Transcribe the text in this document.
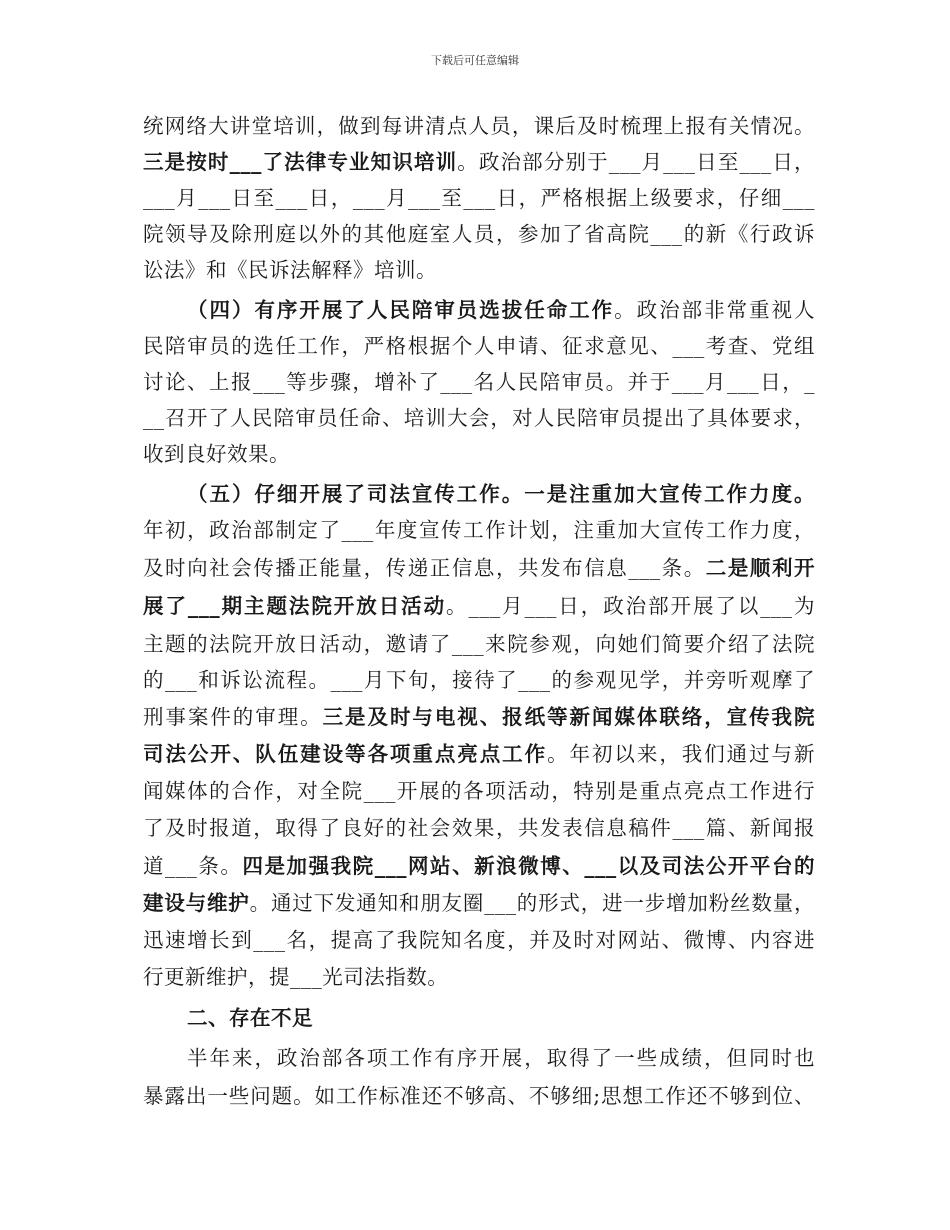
下载后可任意编辑
统网络大讲堂培训，做到每讲清点人员，课后及时梳理上报有关情况。
三是按时___了法律专业知识培训。政治部分别于___月___日至___日，
___月___日至___日，___月___至___日，严格根据上级要求，仔细___
院领导及除刑庭以外的其他庭室人员，参加了省高院___的新《行政诉
讼法》和《民诉法解释》培训。
（四）有序开展了人民陪审员选拔任命工作。政治部非常重视人
民陪审员的选任工作，严格根据个人申请、征求意见、___考查、党组
讨论、上报___等步骤，增补了___名人民陪审员。并于___月___日，_
__召开了人民陪审员任命、培训大会，对人民陪审员提出了具体要求，
收到良好效果。
（五）仔细开展了司法宣传工作。一是注重加大宣传工作力度。
年初，政治部制定了___年度宣传工作计划，注重加大宣传工作力度，
及时向社会传播正能量，传递正信息，共发布信息___条。二是顺利开
展了___期主题法院开放日活动。___月___日，政治部开展了以___为
主题的法院开放日活动，邀请了___来院参观，向她们简要介绍了法院
的___和诉讼流程。___月下旬，接待了___的参观见学，并旁听观摩了
刑事案件的审理。三是及时与电视、报纸等新闻媒体联络，宣传我院
司法公开、队伍建设等各项重点亮点工作。年初以来，我们通过与新
闻媒体的合作，对全院___开展的各项活动，特别是重点亮点工作进行
了及时报道，取得了良好的社会效果，共发表信息稿件___篇、新闻报
道___条。四是加强我院___网站、新浪微博、___以及司法公开平台的
建设与维护。通过下发通知和朋友圈___的形式，进一步增加粉丝数量，
迅速增长到___名，提高了我院知名度，并及时对网站、微博、内容进
行更新维护，提___光司法指数。
二、存在不足
半年来，政治部各项工作有序开展，取得了一些成绩，但同时也
暴露出一些问题。如工作标准还不够高、不够细;思想工作还不够到位、
